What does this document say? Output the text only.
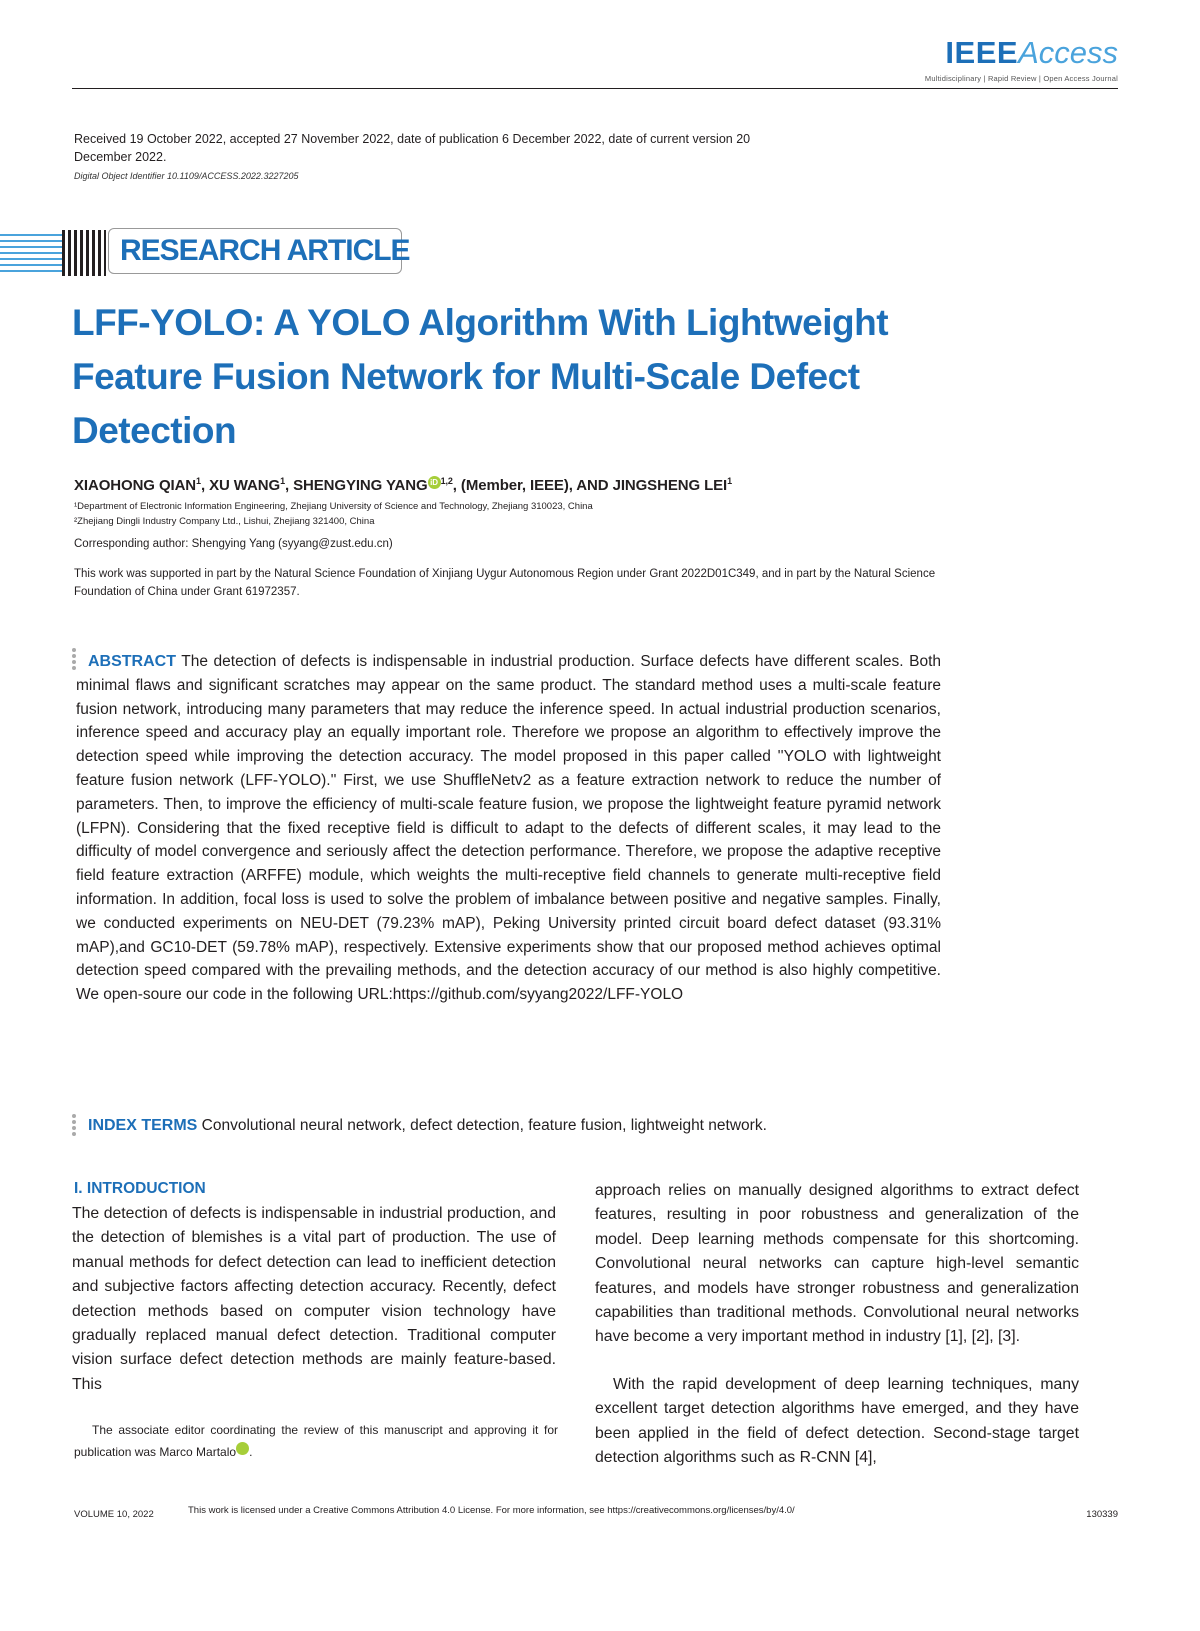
IEEEAccess
Multidisciplinary | Rapid Review | Open Access Journal
Received 19 October 2022, accepted 27 November 2022, date of publication 6 December 2022, date of current version 20 December 2022.
Digital Object Identifier 10.1109/ACCESS.2022.3227205
RESEARCH ARTICLE
LFF-YOLO: A YOLO Algorithm With Lightweight Feature Fusion Network for Multi-Scale Defect Detection
XIAOHONG QIAN$^1$, XU WANG$^1$, SHENGYING YANG iD $^{1,2}$, (Member, IEEE), AND JINGSHENG LEI$^1$
¹Department of Electronic Information Engineering, Zhejiang University of Science and Technology, Zhejiang 310023, China
²Zhejiang Dingli Industry Company Ltd., Lishui, Zhejiang 321400, China
Corresponding author: Shengying Yang (syyang@zust.edu.cn)
This work was supported in part by the Natural Science Foundation of Xinjiang Uygur Autonomous Region under Grant 2022D01C349, and in part by the Natural Science Foundation of China under Grant 61972357.

ABSTRACT The detection of defects is indispensable in industrial production. Surface defects have different scales. Both minimal flaws and significant scratches may appear on the same product. The standard method uses a multi-scale feature fusion network, introducing many parameters that may reduce the inference speed. In actual industrial production scenarios, inference speed and accuracy play an equally important role. Therefore we propose an algorithm to effectively improve the detection speed while improving the detection accuracy. The model proposed in this paper called ''YOLO with lightweight feature fusion network (LFF-YOLO).'' First, we use ShuffleNetv2 as a feature extraction network to reduce the number of parameters. Then, to improve the efficiency of multi-scale feature fusion, we propose the lightweight feature pyramid network (LFPN). Considering that the fixed receptive field is difficult to adapt to the defects of different scales, it may lead to the difficulty of model convergence and seriously affect the detection performance. Therefore, we propose the adaptive receptive field feature extraction (ARFFE) module, which weights the multi-receptive field channels to generate multi-receptive field information. In addition, focal loss is used to solve the problem of imbalance between positive and negative samples. Finally, we conducted experiments on NEU-DET (79.23% mAP), Peking University printed circuit board defect dataset (93.31% mAP),and GC10-DET (59.78% mAP), respectively. Extensive experiments show that our proposed method achieves optimal detection speed compared with the prevailing methods, and the detection accuracy of our method is also highly competitive. We open-soure our code in the following URL:https://github.com/syyang2022/LFF-YOLO

INDEX TERMS Convolutional neural network, defect detection, feature fusion, lightweight network.

I. INTRODUCTION

The detection of defects is indispensable in industrial production, and the detection of blemishes is a vital part of production. The use of manual methods for defect detection can lead to inefficient detection and subjective factors affecting detection accuracy. Recently, defect detection methods based on computer vision technology have gradually replaced manual defect detection. Traditional computer vision surface defect detection methods are mainly feature-based. This

approach relies on manually designed algorithms to extract defect features, resulting in poor robustness and generalization of the model. Deep learning methods compensate for this shortcoming. Convolutional neural networks can capture high-level semantic features, and models have stronger robustness and generalization capabilities than traditional methods. Convolutional neural networks have become a very important method in industry [1], [2], [3].

With the rapid development of deep learning techniques, many excellent target detection algorithms have emerged, and they have been applied in the field of defect detection. Second-stage target detection algorithms such as R-CNN [4],

The associate editor coordinating the review of this manuscript and approving it for publication was Marco Martalo iD.

VOLUME 10, 2022	This work is licensed under a Creative Commons Attribution 4.0 License. For more information, see https://creativecommons.org/licenses/by/4.0/	130339
